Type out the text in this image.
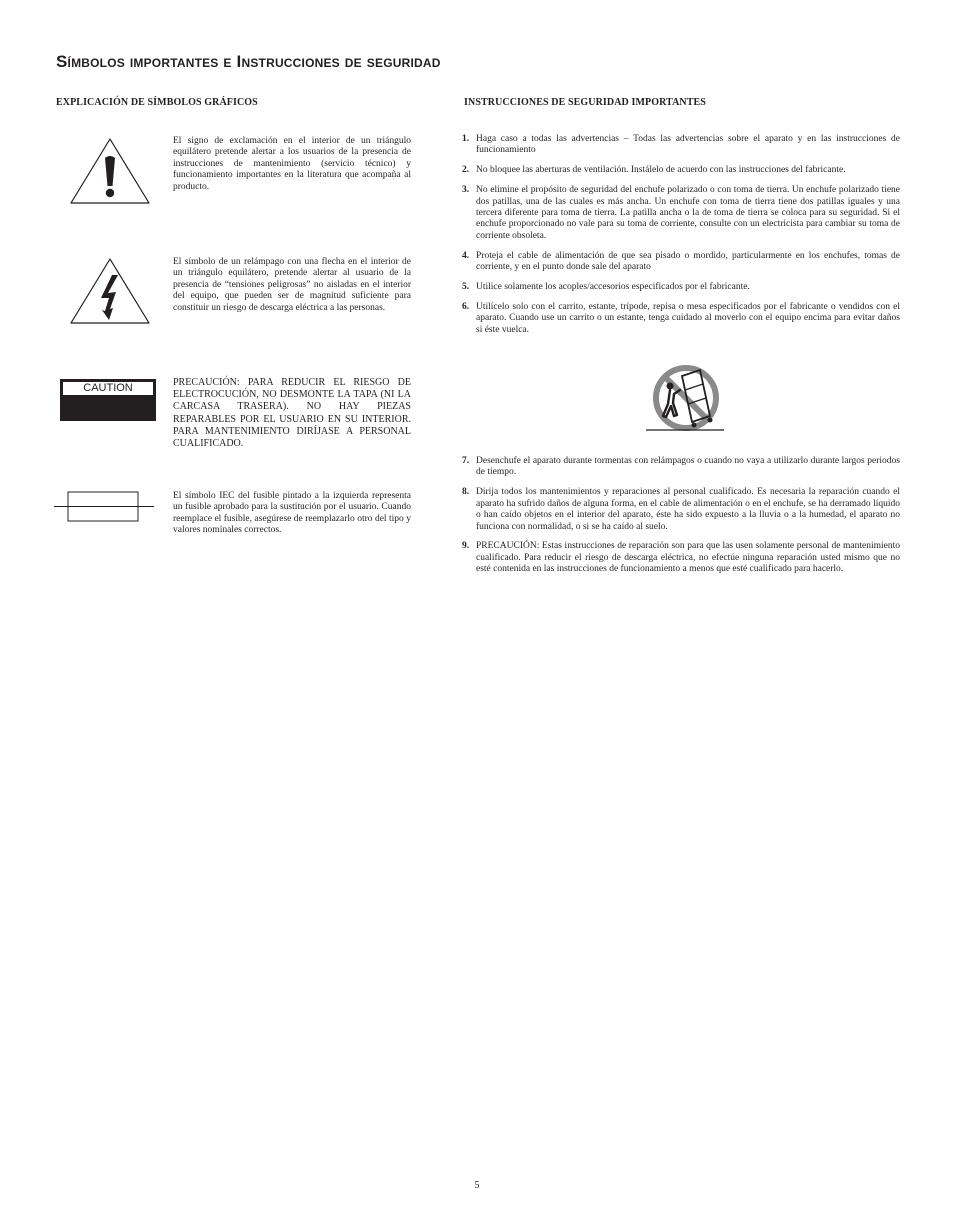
Símbolos importantes e Instrucciones de seguridad
EXPLICACIÓN DE SÍMBOLOS GRÁFICOS

El signo de exclamación en el interior de un triángulo equilátero pretende alertar a los usuarios de la presencia de instrucciones de mantenimiento (servicio técnico) y funcionamiento importantes en la literatura que acompaña al producto.

El símbolo de un relámpago con una flecha en el interior de un triángulo equilátero, pretende alertar al usuario de la presencia de “tensiones peligrosas” no aisladas en el interior del equipo, que pueden ser de magnitud suficiente para constituir un riesgo de descarga eléctrica a las personas.

CAUTION	PRECAUCIÓN: PARA REDUCIR EL RIESGO DE ELECTROCUCIÓN, NO DESMONTE LA TAPA (NI LA CARCASA TRASERA). NO HAY PIEZAS REPARABLES POR EL USUARIO EN SU INTERIOR. PARA MANTENIMIENTO DIRÍJASE A PERSONAL CUALIFICADO.

El símbolo IEC del fusible pintado a la izquierda representa un fusible aprobado para la sustitución por el usuario. Cuando reemplace el fusible, asegúrese de reemplazarlo otro del tipo y valores nominales correctos.

INSTRUCCIONES DE SEGURIDAD IMPORTANTES
1. Haga caso a todas las advertencias – Todas las advertencias sobre el aparato y en las instrucciones de funcionamiento
2. No bloquee las aberturas de ventilación. Instálelo de acuerdo con las instrucciones del fabricante.
3. No elimine el propósito de seguridad del enchufe polarizado o con toma de tierra. Un enchufe polarizado tiene dos patillas, una de las cuales es más ancha. Un enchufe con toma de tierra tiene dos patillas iguales y una tercera diferente para toma de tierra. La patilla ancha o la de toma de tierra se coloca para su seguridad. Si el enchufe proporcionado no vale para su toma de corriente, consulte con un electricista para cambiar su toma de corriente obsoleta.
4. Proteja el cable de alimentación de que sea pisado o mordido, particularmente en los enchufes, tomas de corriente, y en el punto donde sale del aparato
5. Utilice solamente los acoples/accesorios especificados por el fabricante.
6. Utilícelo solo con el carrito, estante, trípode, repisa o mesa especificados por el fabricante o vendidos con el aparato. Cuando use un carrito o un estante, tenga cuidado al moverlo con el equipo encima para evitar daños si éste vuelca.
7. Desenchufe el aparato durante tormentas con relámpagos o cuando no vaya a utilizarlo durante largos periodos de tiempo.
8. Dirija todos los mantenimientos y reparaciones al personal cualificado. Es necesaria la reparación cuando el aparato ha sufrido daños de alguna forma, en el cable de alimentación o en el enchufe, se ha derramado líquido o han caído objetos en el interior del aparato, éste ha sido expuesto a la lluvia o a la humedad, el aparato no funciona con normalidad, o si se ha caído al suelo.
9. PRECAUCIÓN: Estas instrucciones de reparación son para que las usen solamente personal de mantenimiento cualificado. Para reducir el riesgo de descarga eléctrica, no efectúe ninguna reparación usted mismo que no esté contenida en las instrucciones de funcionamiento a menos que esté cualificado para hacerlo.
5
